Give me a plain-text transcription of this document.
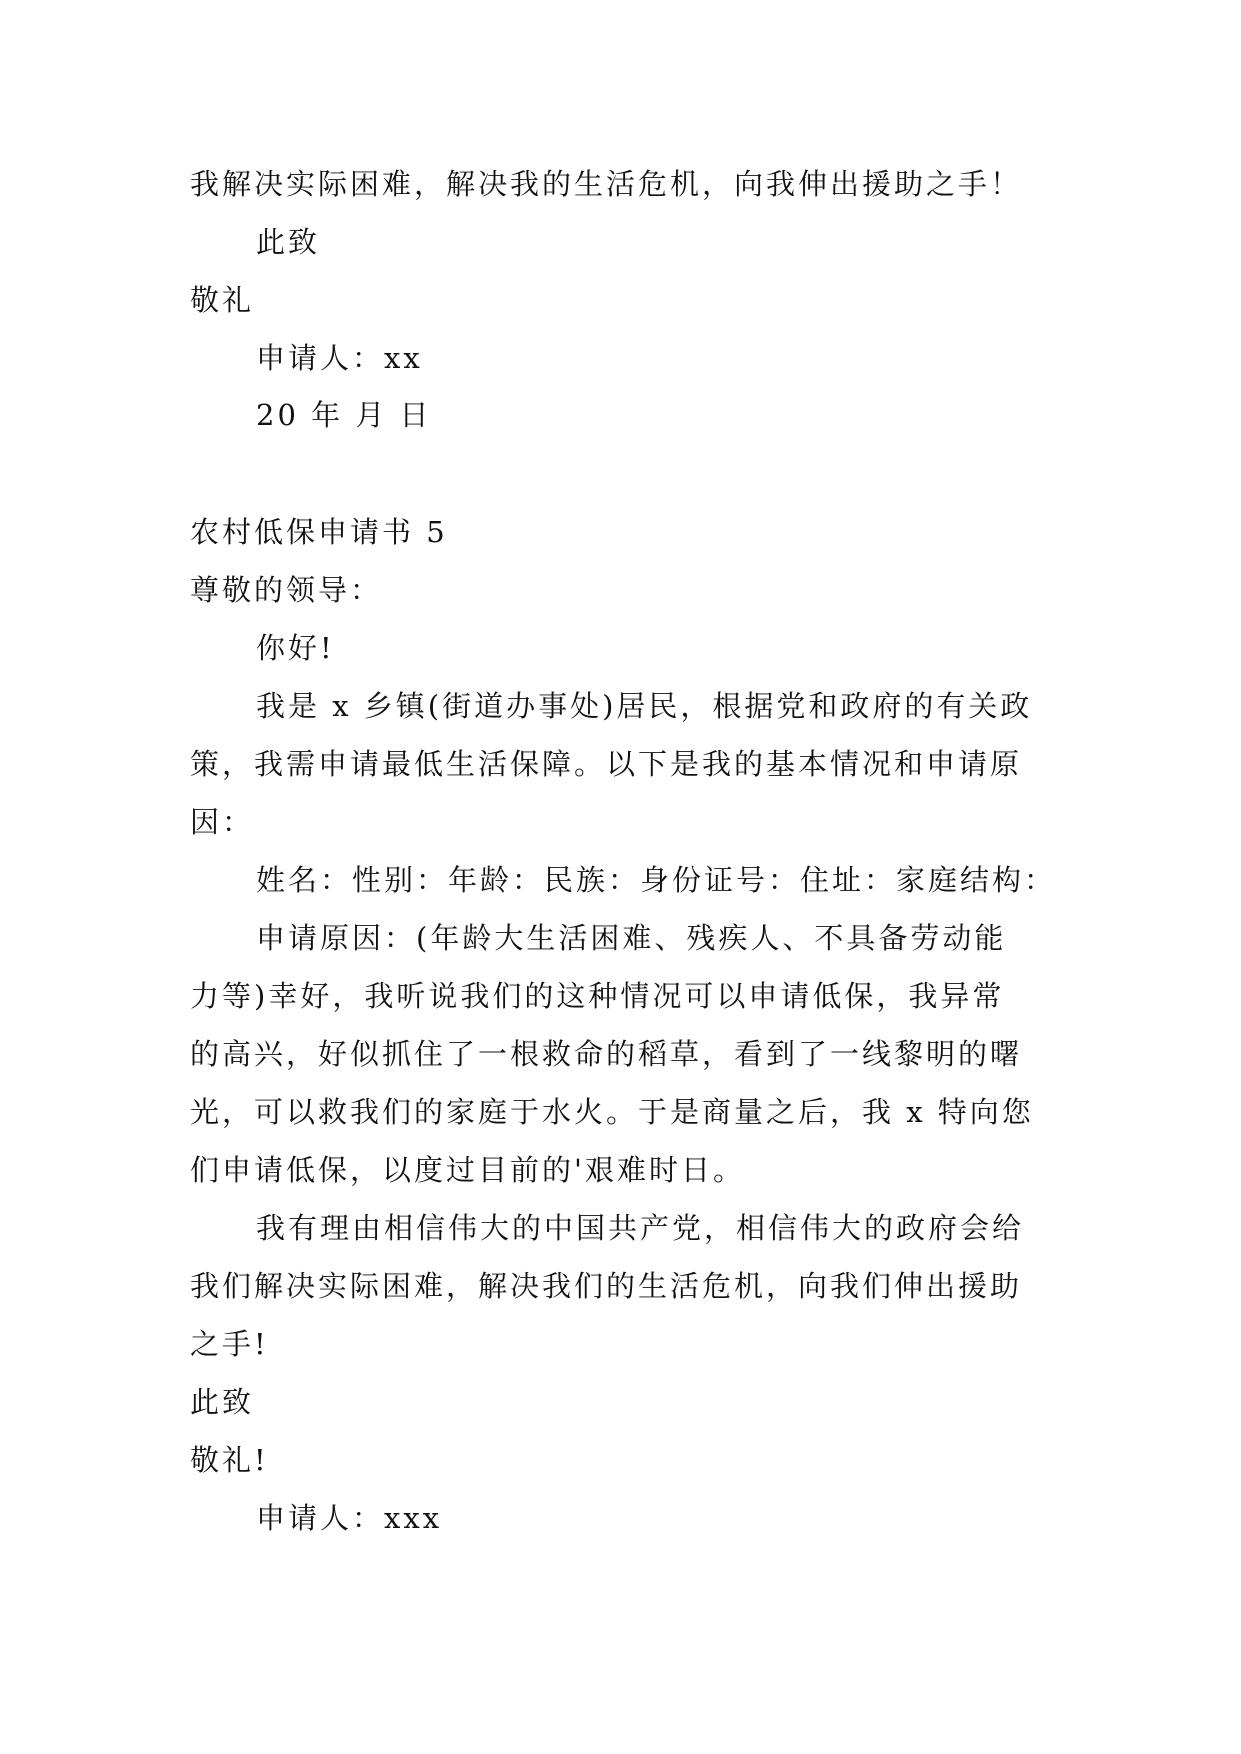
我解决实际困难，解决我的生活危机，向我伸出援助之手！
此致
敬礼
申请人：xx
20 年 月 日
农村低保申请书 5
尊敬的领导：
你好!
我是 x 乡镇(街道办事处)居民，根据党和政府的有关政
策，我需申请最低生活保障。以下是我的基本情况和申请原
因：
姓名：性别：年龄：民族：身份证号：住址：家庭结构：
申请原因：(年龄大生活困难、残疾人、不具备劳动能
力等)幸好，我听说我们的这种情况可以申请低保，我异常
的高兴，好似抓住了一根救命的稻草，看到了一线黎明的曙
光，可以救我们的家庭于水火。于是商量之后，我 x 特向您
们申请低保，以度过目前的'艰难时日。
我有理由相信伟大的中国共产党，相信伟大的政府会给
我们解决实际困难，解决我们的生活危机，向我们伸出援助
之手!
此致
敬礼!
申请人：xxx
